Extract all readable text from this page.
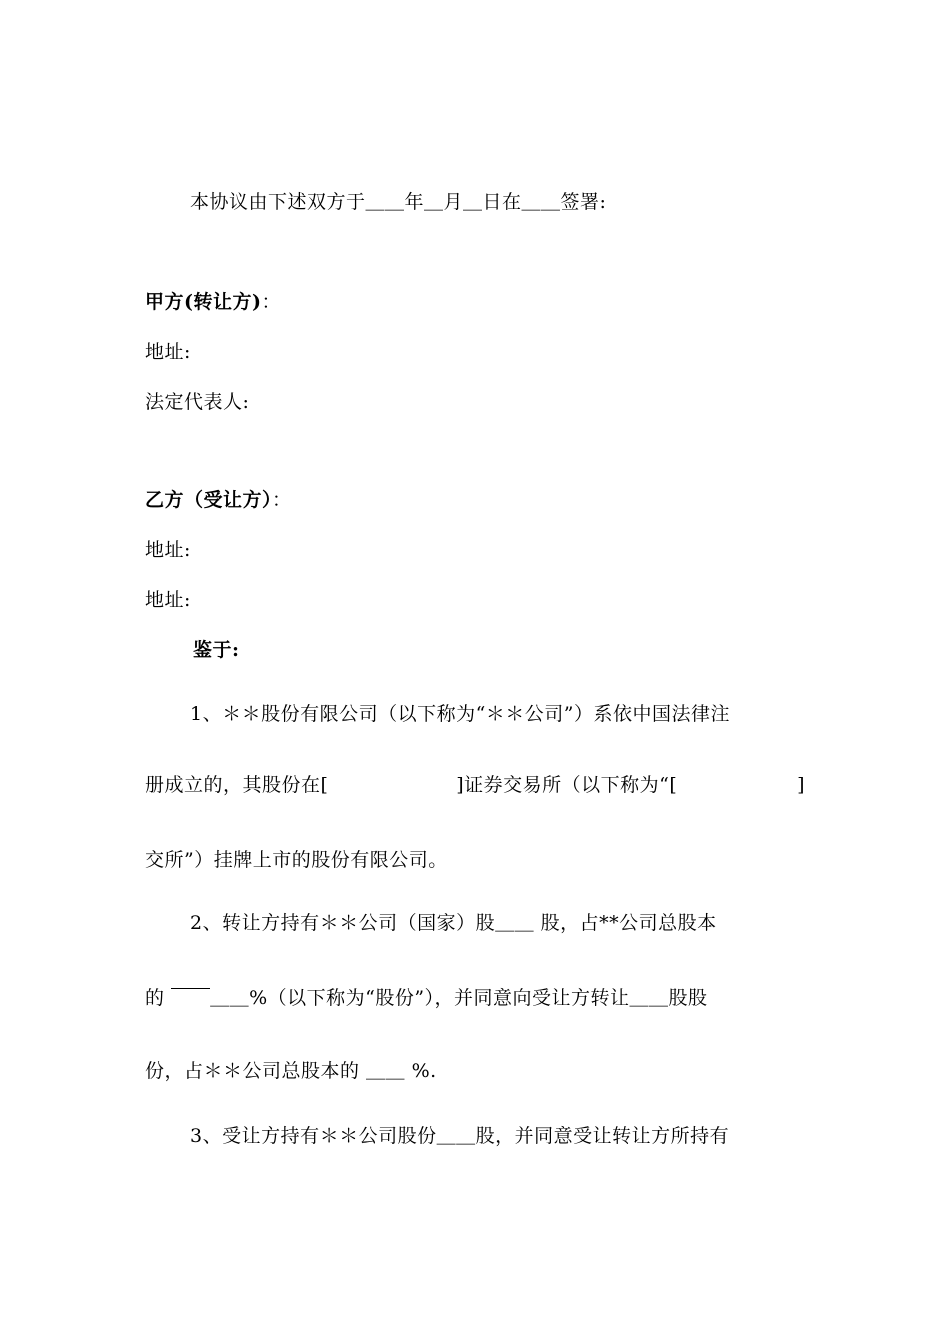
本协议由下述双方于＿＿年＿月＿日在＿＿签署:
甲方(转让方)：
地址:
法定代表人:
乙方（受让方）：
地址:
地址:
鉴于:
1、＊＊股份有限公司（以下称为“＊＊公司”）系依中国法律注
册成立的，其股份在[	]证券交易所（以下称为“[	]
交所”）挂牌上市的股份有限公司。
2、转让方持有＊＊公司（国家）股＿＿ 股，占**公司总股本
的 ＿＿%（以下称为“股份”），并同意向受让方转让＿＿股股
份，占＊＊公司总股本的 ＿＿ %.
3、受让方持有＊＊公司股份＿＿股，并同意受让转让方所持有
